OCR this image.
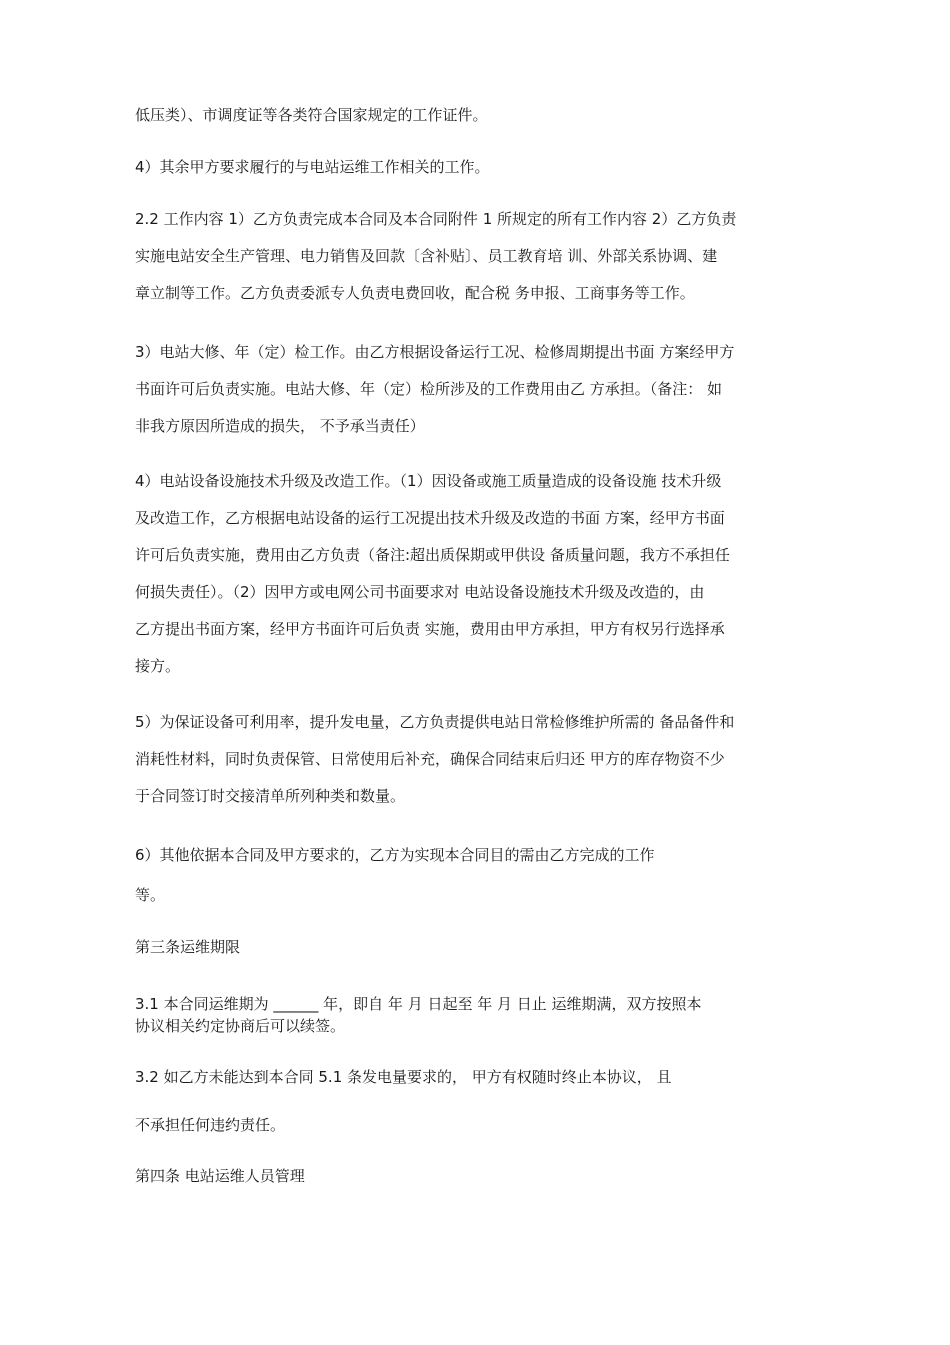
低压类）、市调度证等各类符合国家规定的工作证件。
4）其余甲方要求履行的与电站运维工作相关的工作。
2.2 工作内容 1）乙方负责完成本合同及本合同附件 1 所规定的所有工作内容 2）乙方负责
实施电站安全生产管理、电力销售及回款〔含补贴〕、员工教育培 训、外部关系协调、建
章立制等工作。乙方负责委派专人负责电费回收，配合税 务申报、工商事务等工作。
3）电站大修、年（定）检工作。由乙方根据设备运行工况、检修周期提出书面 方案经甲方
书面许可后负责实施。电站大修、年（定）检所涉及的工作费用由乙 方承担。（备注： 如
非我方原因所造成的损失， 不予承当责任）
4）电站设备设施技术升级及改造工作。（1）因设备或施工质量造成的设备设施 技术升级
及改造工作，乙方根据电站设备的运行工况提出技术升级及改造的书面 方案，经甲方书面
许可后负责实施，费用由乙方负责（备注:超出质保期或甲供设 备质量问题，我方不承担任
何损失责任）。（2）因甲方或电网公司书面要求对 电站设备设施技术升级及改造的，由
乙方提出书面方案，经甲方书面许可后负责 实施，费用由甲方承担，甲方有权另行选择承
接方。
5）为保证设备可利用率，提升发电量，乙方负责提供电站日常检修维护所需的 备品备件和
消耗性材料，同时负责保管、日常使用后补充，确保合同结束后归还 甲方的库存物资不少
于合同签订时交接清单所列种类和数量。
6）其他依据本合同及甲方要求的，乙方为实现本合同目的需由乙方完成的工作
等。
第三条运维期限
3.1 本合同运维期为 ______ 年，即自 年 月 日起至 年 月 日止 运维期满，双方按照本
协议相关约定协商后可以续签。
3.2 如乙方未能达到本合同 5.1 条发电量要求的， 甲方有权随时终止本协议， 且
不承担任何违约责任。
第四条 电站运维人员管理
